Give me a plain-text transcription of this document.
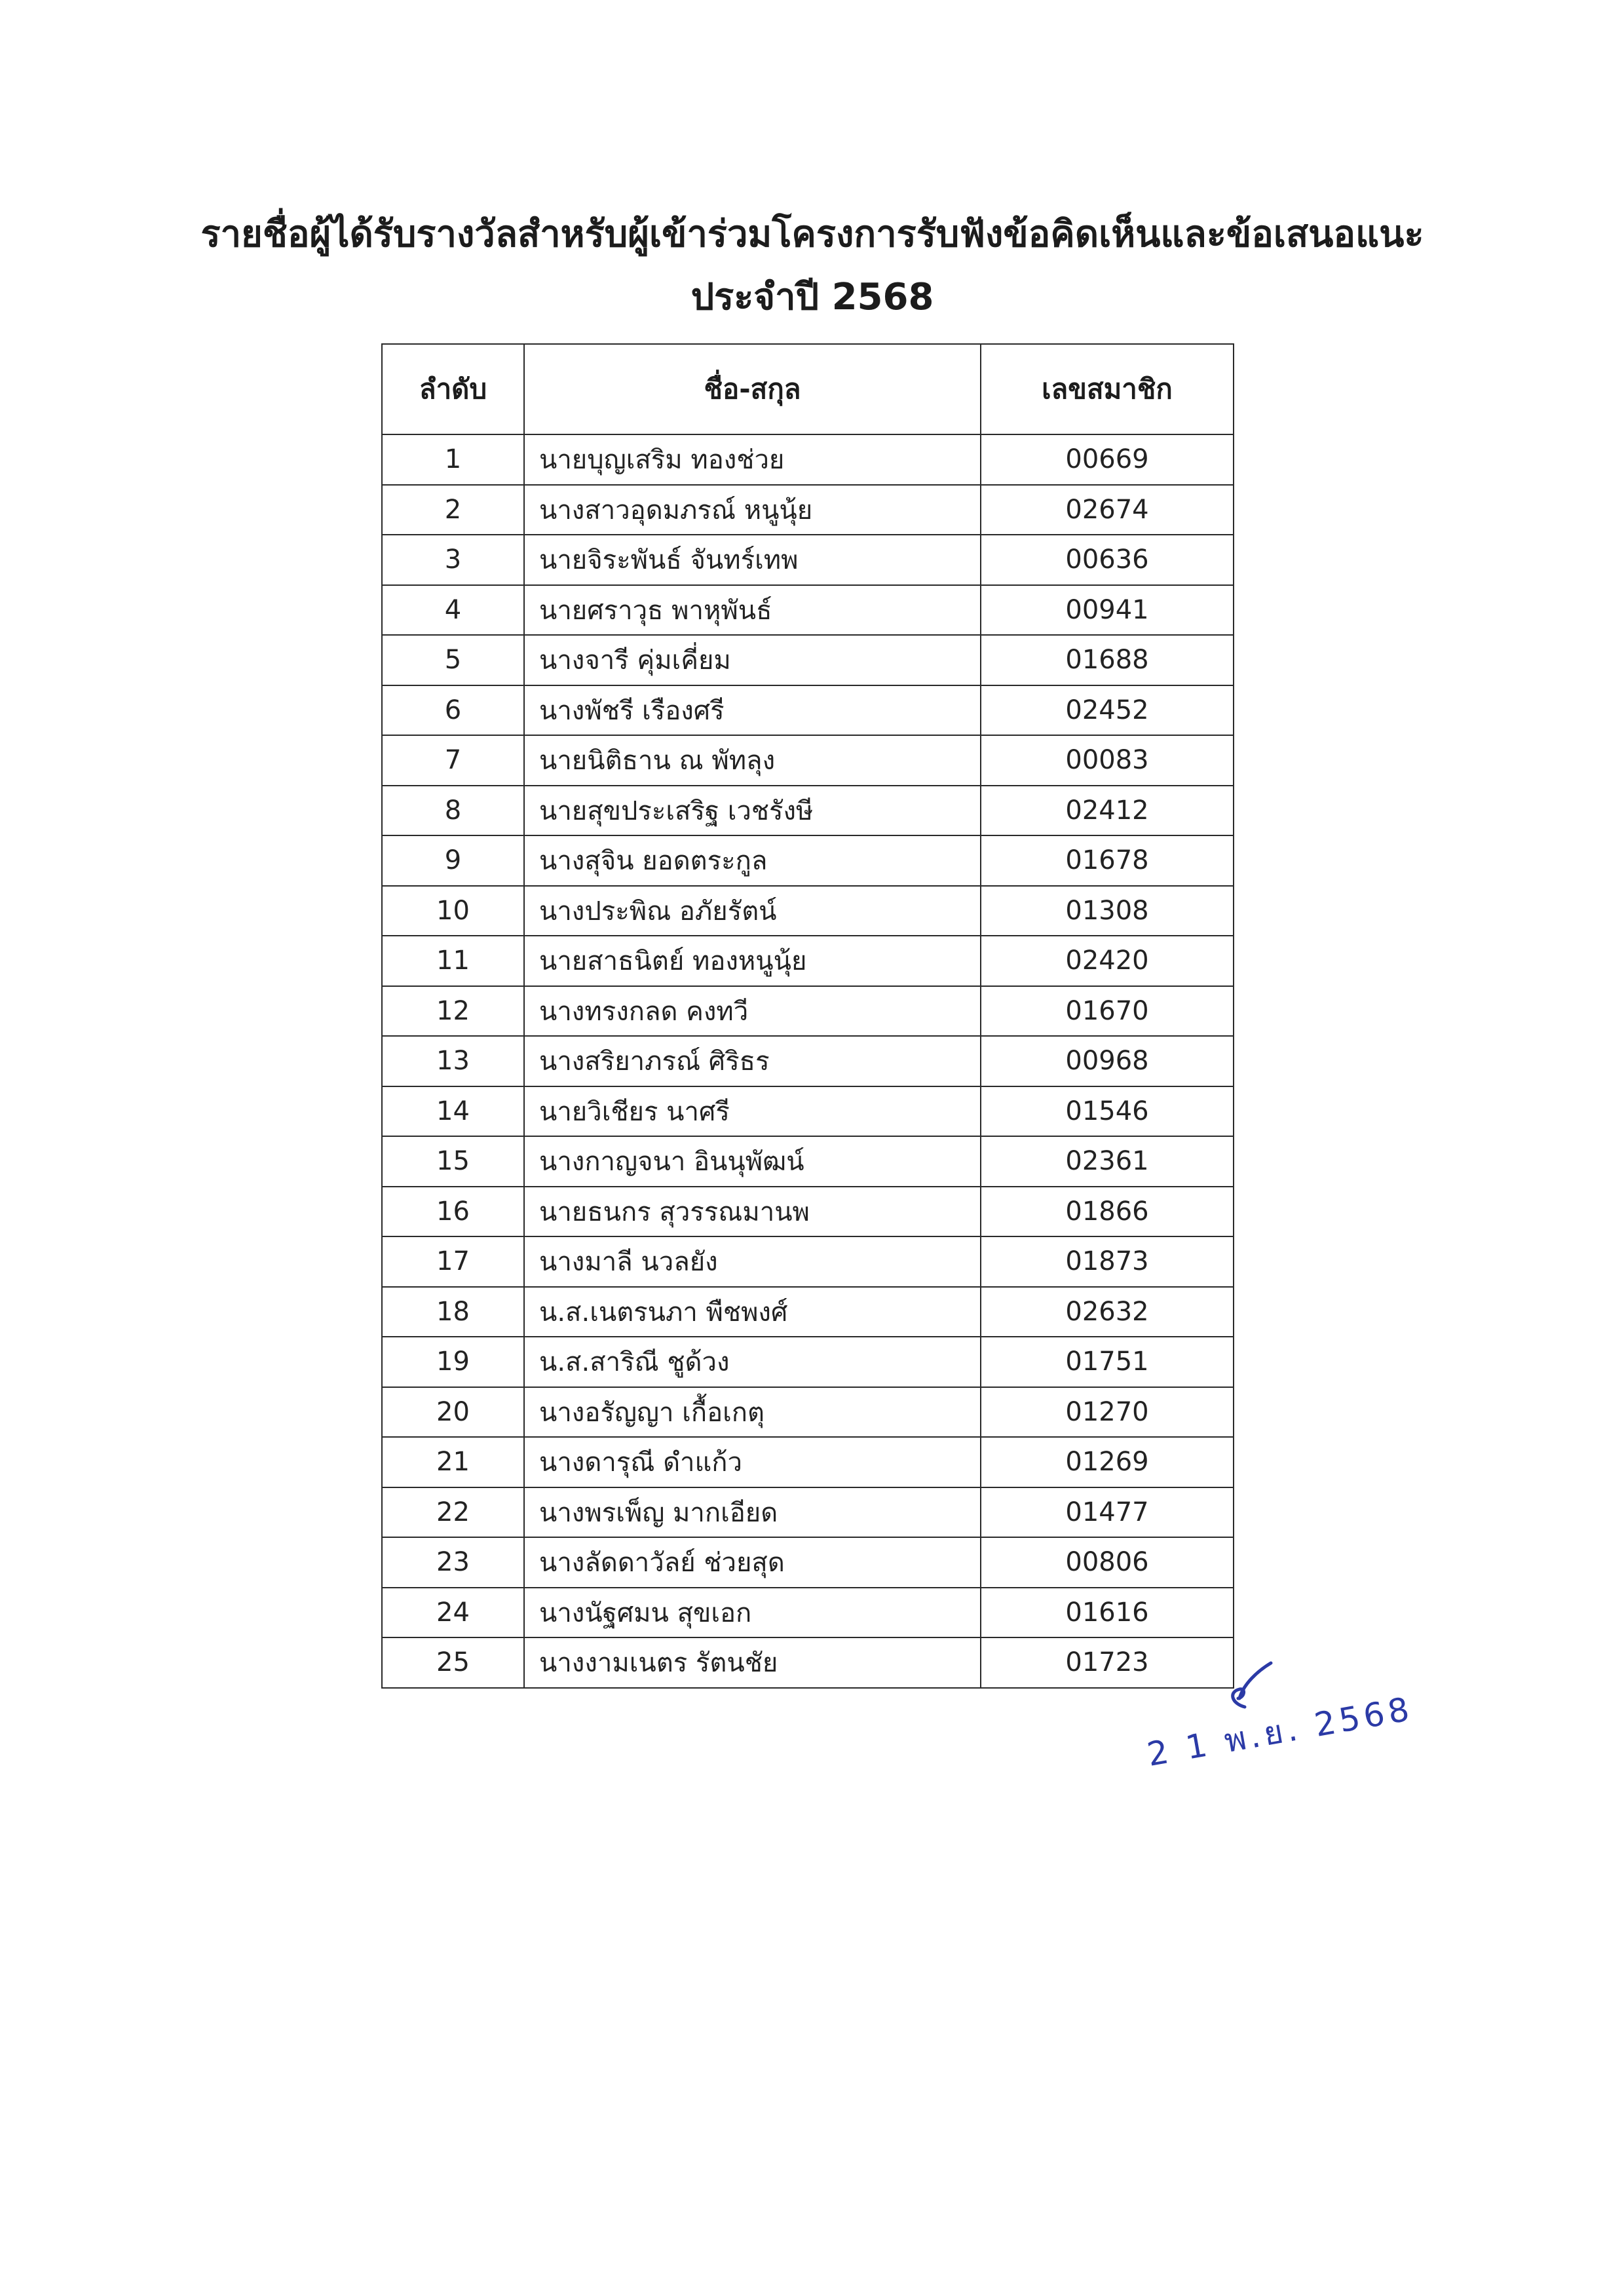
รายชื่อผู้ได้รับรางวัลสำหรับผู้เข้าร่วมโครงการรับฟังข้อคิดเห็นและข้อเสนอแนะ
ประจำปี 2568
ลำดับ	ชื่อ-สกุล	เลขสมาชิก
1	นายบุญเสริม ทองช่วย	00669
2	นางสาวอุดมภรณ์ หนูนุ้ย	02674
3	นายจิระพันธ์ จันทร์เทพ	00636
4	นายศราวุธ พาหุพันธ์	00941
5	นางจารี คุ่มเคี่ยม	01688
6	นางพัชรี เรืองศรี	02452
7	นายนิติธาน ณ พัทลุง	00083
8	นายสุขประเสริฐ เวชรังษี	02412
9	นางสุจิน ยอดตระกูล	01678
10	นางประพิณ อภัยรัตน์	01308
11	นายสาธนิตย์ ทองหนูนุ้ย	02420
12	นางทรงกลด คงทวี	01670
13	นางสริยาภรณ์ ศิริธร	00968
14	นายวิเชียร นาศรี	01546
15	นางกาญจนา อินนุพัฒน์	02361
16	นายธนกร สุวรรณมานพ	01866
17	นางมาลี นวลยัง	01873
18	น.ส.เนตรนภา พืชพงศ์	02632
19	น.ส.สาริณี ชูด้วง	01751
20	นางอรัญญา เกื้อเกตุ	01270
21	นางดารุณี ดำแก้ว	01269
22	นางพรเพ็ญ มากเอียด	01477
23	นางลัดดาวัลย์ ช่วยสุด	00806
24	นางนัฐศมน สุขเอก	01616
25	นางงามเนตร รัตนชัย	01723
2 1 พ.ย. 2568
